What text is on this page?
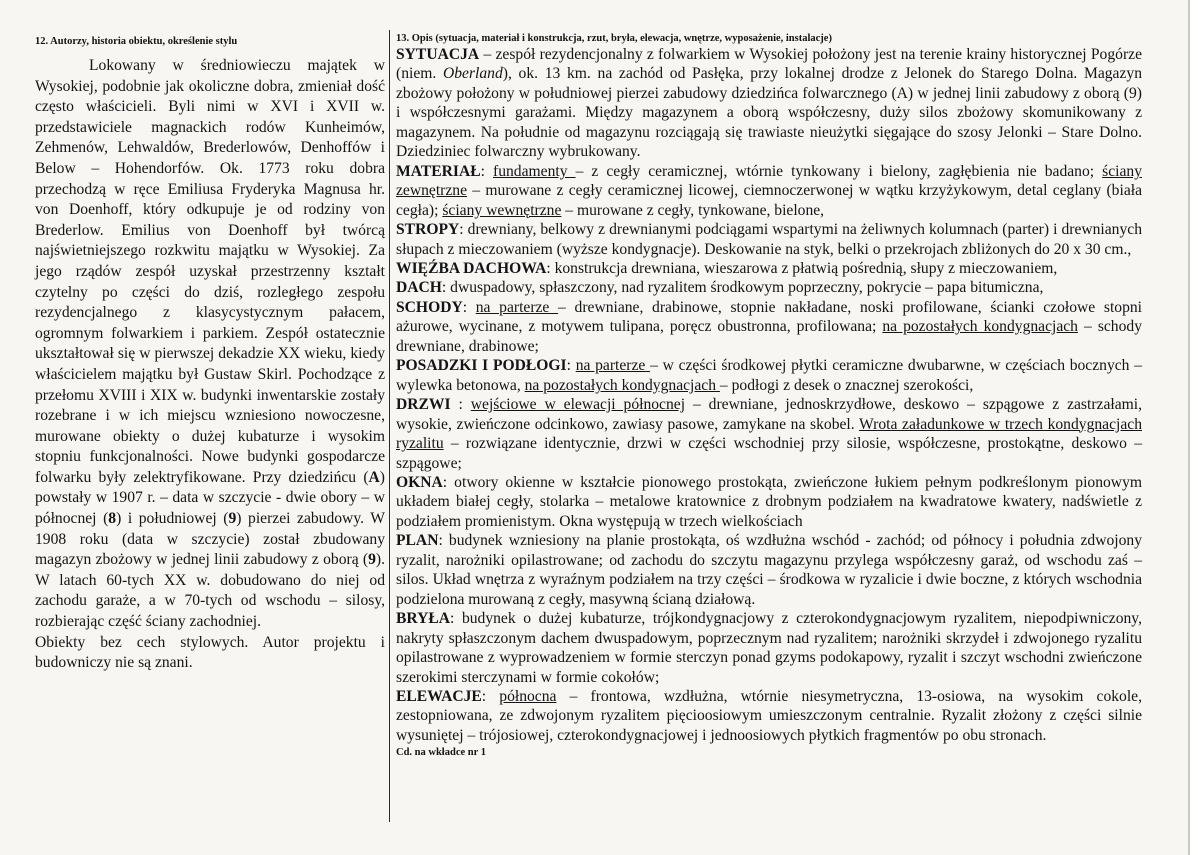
12. Autorzy, historia obiektu, określenie stylu

Lokowany w średniowieczu majątek w Wysokiej, podobnie jak okoliczne dobra, zmieniał dość często właścicieli. Byli nimi w XVI i XVII w. przedstawiciele magnackich rodów Kunheimów, Zehmenów, Lehwaldów, Brederlowów, Denhoffów i Below – Hohendorfów. Ok. 1773 roku dobra przechodzą w ręce Emiliusa Fryderyka Magnusa hr. von Doenhoff, który odkupuje je od rodziny von Brederlow. Emilius von Doenhoff był twórcą najświetniejszego rozkwitu majątku w Wysokiej. Za jego rządów zespół uzyskał przestrzenny kształt czytelny po części do dziś, rozległego zespołu rezydencjalnego z klasycystycznym pałacem, ogromnym folwarkiem i parkiem. Zespół ostatecznie ukształtował się w pierwszej dekadzie XX wieku, kiedy właścicielem majątku był Gustaw Skirl. Pochodzące z przełomu XVIII i XIX w. budynki inwentarskie zostały rozebrane i w ich miejscu wzniesiono nowoczesne, murowane obiekty o dużej kubaturze i wysokim stopniu funkcjonalności. Nowe budynki gospodarcze folwarku były zelektryfikowane. Przy dziedzińcu (A) powstały w 1907 r. – data w szczycie - dwie obory – w północnej (8) i południowej (9) pierzei zabudowy. W 1908 roku (data w szczycie) został zbudowany magazyn zbożowy w jednej linii zabudowy z oborą (9). W latach 60-tych XX w. dobudowano do niej od zachodu garaże, a w 70-tych od wschodu – silosy, rozbierając część ściany zachodniej.

Obiekty bez cech stylowych. Autor projektu i budowniczy nie są znani.

13. Opis (sytuacja, materiał i konstrukcja, rzut, bryła, elewacja, wnętrze, wyposażenie, instalacje)

SYTUACJA – zespół rezydencjonalny z folwarkiem w Wysokiej położony jest na terenie krainy historycznej Pogórze (niem. Oberland), ok. 13 km. na zachód od Pasłęka, przy lokalnej drodze z Jelonek do Starego Dolna. Magazyn zbożowy położony w południowej pierzei zabudowy dziedzińca folwarcznego (A) w jednej linii zabudowy z oborą (9) i współczesnymi garażami. Między magazynem a oborą współczesny, duży silos zbożowy skomunikowany z magazynem. Na południe od magazynu rozciągają się trawiaste nieużytki sięgające do szosy Jelonki – Stare Dolno. Dziedziniec folwarczny wybrukowany.

MATERIAŁ: fundamenty – z cegły ceramicznej, wtórnie tynkowany i bielony, zagłębienia nie badano; ściany zewnętrzne – murowane z cegły ceramicznej licowej, ciemnoczerwonej w wątku krzyżykowym, detal ceglany (biała cegła); ściany wewnętrzne – murowane z cegły, tynkowane, bielone,

STROPY: drewniany, belkowy z drewnianymi podciągami wspartymi na żeliwnych kolumnach (parter) i drewnianych słupach z mieczowaniem (wyższe kondygnacje). Deskowanie na styk, belki o przekrojach zbliżonych do 20 x 30 cm.,

WIĘŹBA DACHOWA: konstrukcja drewniana, wieszarowa z płatwią pośrednią, słupy z mieczowaniem,

DACH: dwuspadowy, spłaszczony, nad ryzalitem środkowym poprzeczny, pokrycie – papa bitumiczna,

SCHODY: na parterze – drewniane, drabinowe, stopnie nakładane, noski profilowane, ścianki czołowe stopni ażurowe, wycinane, z motywem tulipana, poręcz obustronna, profilowana; na pozostałych kondygnacjach – schody drewniane, drabinowe;

POSADZKI I PODŁOGI: na parterze – w części środkowej płytki ceramiczne dwubarwne, w częściach bocznych – wylewka betonowa, na pozostałych kondygnacjach – podłogi z desek o znacznej szerokości,

DRZWI : wejściowe w elewacji północnej – drewniane, jednoskrzydłowe, deskowo – szpągowe z zastrzałami, wysokie, zwieńczone odcinkowo, zawiasy pasowe, zamykane na skobel. Wrota załadunkowe w trzech kondygnacjach ryzalitu – rozwiązane identycznie, drzwi w części wschodniej przy silosie, współczesne, prostokątne, deskowo – szpągowe;

OKNA: otwory okienne w kształcie pionowego prostokąta, zwieńczone łukiem pełnym podkreślonym pionowym układem białej cegły, stolarka – metalowe kratownice z drobnym podziałem na kwadratowe kwatery, nadświetle z podziałem promienistym. Okna występują w trzech wielkościach

PLAN: budynek wzniesiony na planie prostokąta, oś wzdłużna wschód - zachód; od północy i południa zdwojony ryzalit, narożniki opilastrowane; od zachodu do szczytu magazynu przylega współczesny garaż, od wschodu zaś – silos. Układ wnętrza z wyraźnym podziałem na trzy części – środkowa w ryzalicie i dwie boczne, z których wschodnia podzielona murowaną z cegły, masywną ścianą działową.

BRYŁA: budynek o dużej kubaturze, trójkondygnacjowy z czterokondygnacjowym ryzalitem, niepodpiwniczony, nakryty spłaszczonym dachem dwuspadowym, poprzecznym nad ryzalitem; narożniki skrzydeł i zdwojonego ryzalitu opilastrowane z wyprowadzeniem w formie sterczyn ponad gzyms podokapowy, ryzalit i szczyt wschodni zwieńczone szerokimi sterczynami w formie cokołów;

ELEWACJE: północna – frontowa, wzdłużna, wtórnie niesymetryczna, 13-osiowa, na wysokim cokole, zestopniowana, ze zdwojonym ryzalitem pięcioosiowym umieszczonym centralnie. Ryzalit złożony z części silnie wysuniętej – trójosiowej, czterokondygnacjowej i jednoosiowych płytkich fragmentów po obu stronach.

Cd. na wkładce nr 1
